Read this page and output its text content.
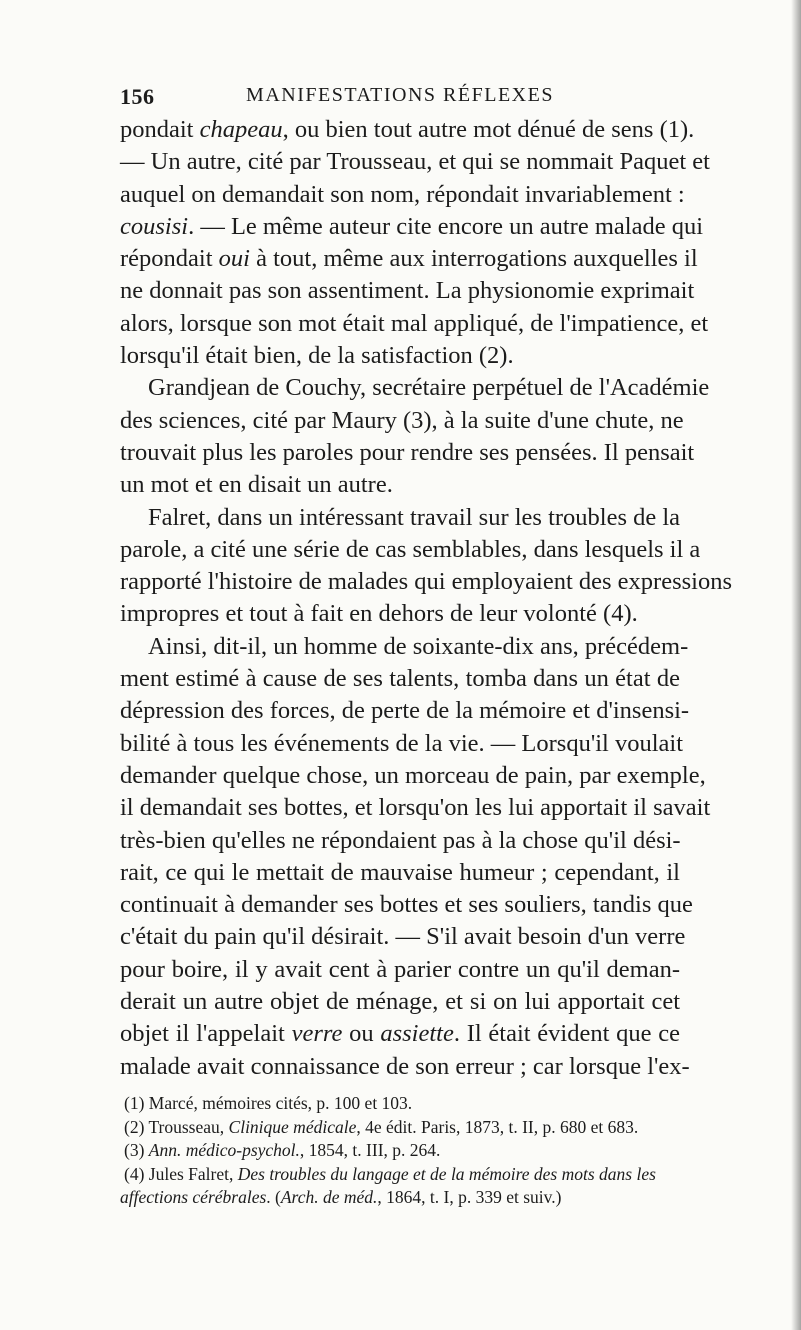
156	MANIFESTATIONS RÉFLEXES
pondait chapeau, ou bien tout autre mot dénué de sens (1).
— Un autre, cité par Trousseau, et qui se nommait Paquet et
auquel on demandait son nom, répondait invariablement :
cousisi. — Le même auteur cite encore un autre malade qui
répondait oui à tout, même aux interrogations auxquelles il
ne donnait pas son assentiment. La physionomie exprimait
alors, lorsque son mot était mal appliqué, de l'impatience, et
lorsqu'il était bien, de la satisfaction (2).
Grandjean de Couchy, secrétaire perpétuel de l'Académie
des sciences, cité par Maury (3), à la suite d'une chute, ne
trouvait plus les paroles pour rendre ses pensées. Il pensait
un mot et en disait un autre.
Falret, dans un intéressant travail sur les troubles de la
parole, a cité une série de cas semblables, dans lesquels il a
rapporté l'histoire de malades qui employaient des expressions
impropres et tout à fait en dehors de leur volonté (4).
Ainsi, dit-il, un homme de soixante-dix ans, précédem-
ment estimé à cause de ses talents, tomba dans un état de
dépression des forces, de perte de la mémoire et d'insensi-
bilité à tous les événements de la vie. — Lorsqu'il voulait
demander quelque chose, un morceau de pain, par exemple,
il demandait ses bottes, et lorsqu'on les lui apportait il savait
très-bien qu'elles ne répondaient pas à la chose qu'il dési-
rait, ce qui le mettait de mauvaise humeur ; cependant, il
continuait à demander ses bottes et ses souliers, tandis que
c'était du pain qu'il désirait. — S'il avait besoin d'un verre
pour boire, il y avait cent à parier contre un qu'il deman-
derait un autre objet de ménage, et si on lui apportait cet
objet il l'appelait verre ou assiette. Il était évident que ce
malade avait connaissance de son erreur ; car lorsque l'ex-
(1) Marcé, mémoires cités, p. 100 et 103.
(2) Trousseau, Clinique médicale, 4e édit. Paris, 1873, t. II, p. 680 et 683.
(3) Ann. médico-psychol., 1854, t. III, p. 264.
(4) Jules Falret, Des troubles du langage et de la mémoire des mots dans les
affections cérébrales. (Arch. de méd., 1864, t. I, p. 339 et suiv.)
